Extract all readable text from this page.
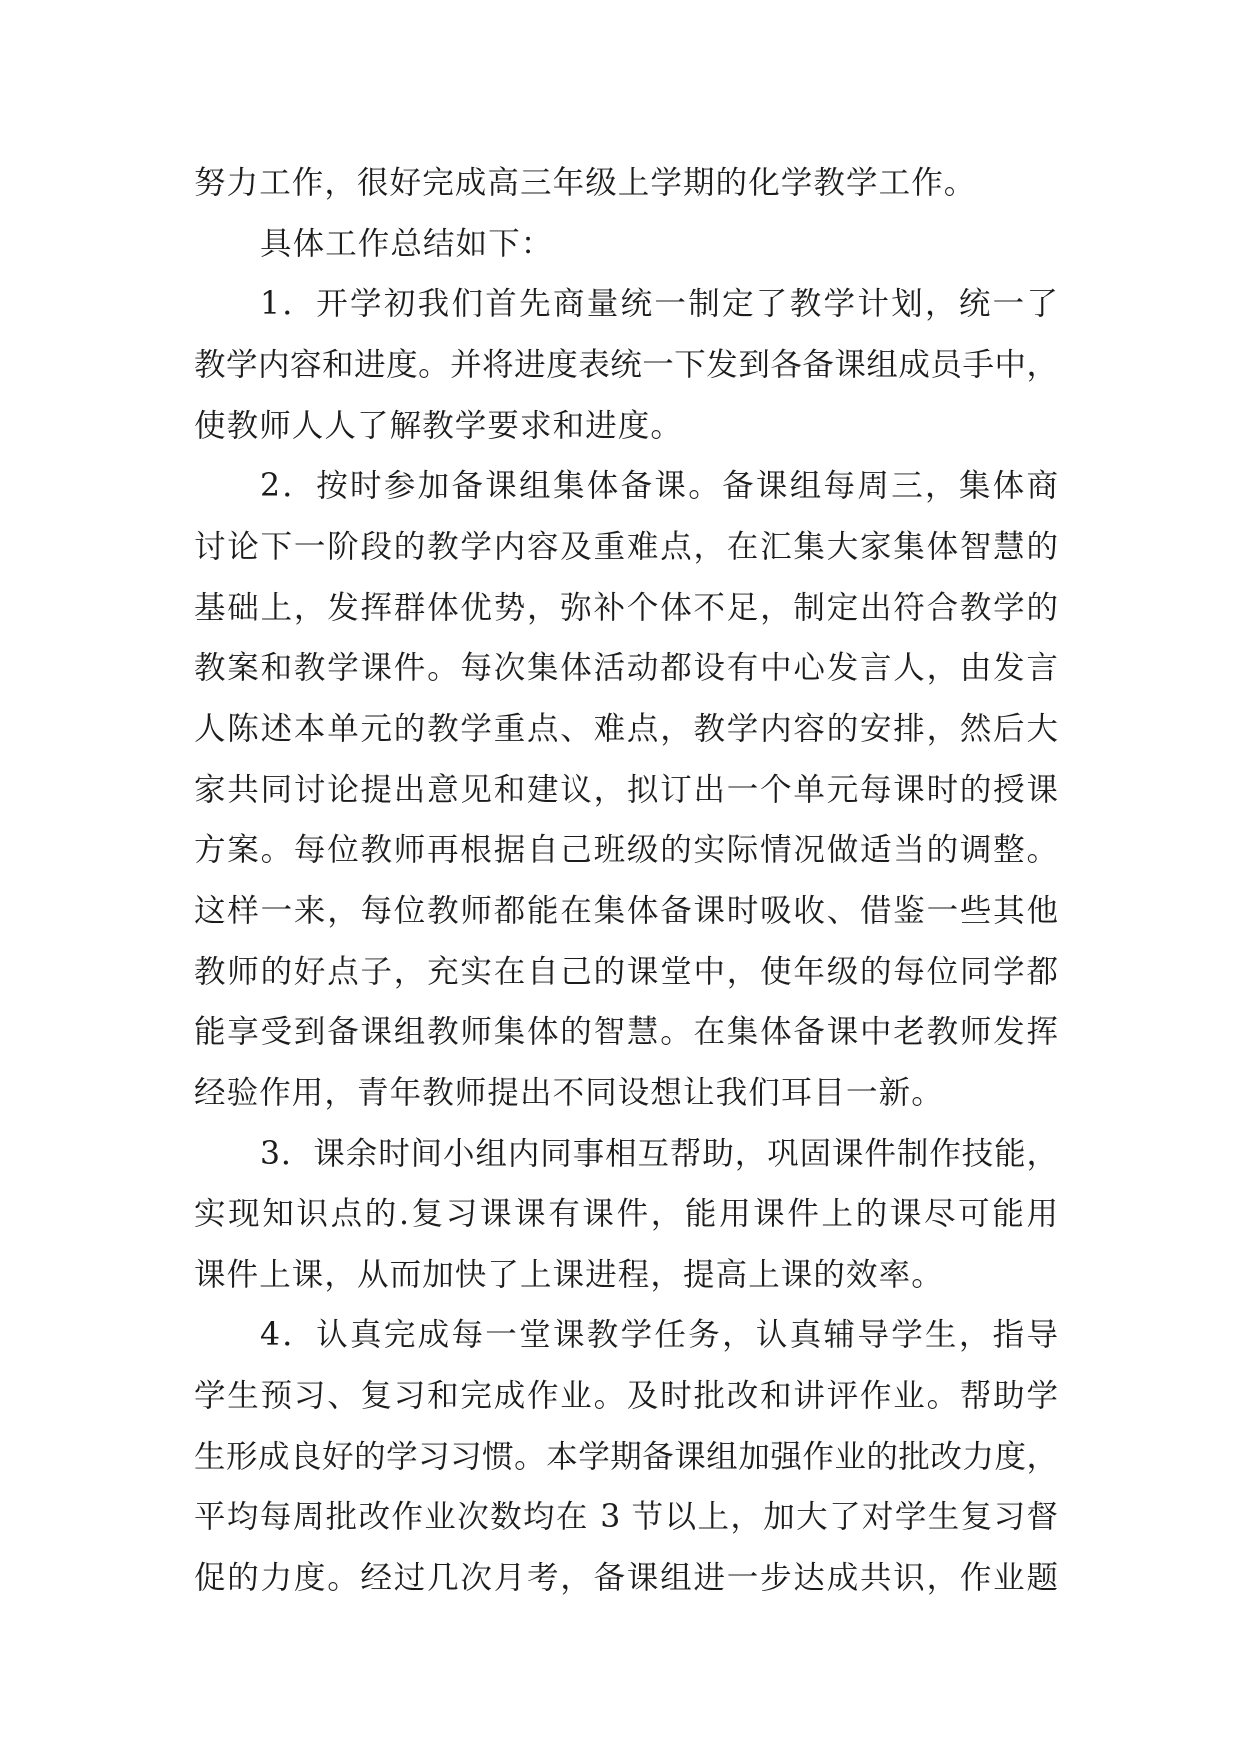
努力工作，很好完成高三年级上学期的化学教学工作。
具体工作总结如下：
1．开学初我们首先商量统一制定了教学计划，统一了
教学内容和进度。并将进度表统一下发到各备课组成员手中，
使教师人人了解教学要求和进度。
2．按时参加备课组集体备课。备课组每周三，集体商
讨论下一阶段的教学内容及重难点，在汇集大家集体智慧的
基础上，发挥群体优势，弥补个体不足，制定出符合教学的
教案和教学课件。每次集体活动都设有中心发言人，由发言
人陈述本单元的教学重点、难点，教学内容的安排，然后大
家共同讨论提出意见和建议，拟订出一个单元每课时的授课
方案。每位教师再根据自己班级的实际情况做适当的调整。
这样一来，每位教师都能在集体备课时吸收、借鉴一些其他
教师的好点子，充实在自己的课堂中，使年级的每位同学都
能享受到备课组教师集体的智慧。在集体备课中老教师发挥
经验作用，青年教师提出不同设想让我们耳目一新。
3．课余时间小组内同事相互帮助，巩固课件制作技能，
实现知识点的.复习课课有课件，能用课件上的课尽可能用
课件上课，从而加快了上课进程，提高上课的效率。
4．认真完成每一堂课教学任务，认真辅导学生，指导
学生预习、复习和完成作业。及时批改和讲评作业。帮助学
生形成良好的学习习惯。本学期备课组加强作业的批改力度，
平均每周批改作业次数均在 3 节以上，加大了对学生复习督
促的力度。经过几次月考，备课组进一步达成共识，作业题
